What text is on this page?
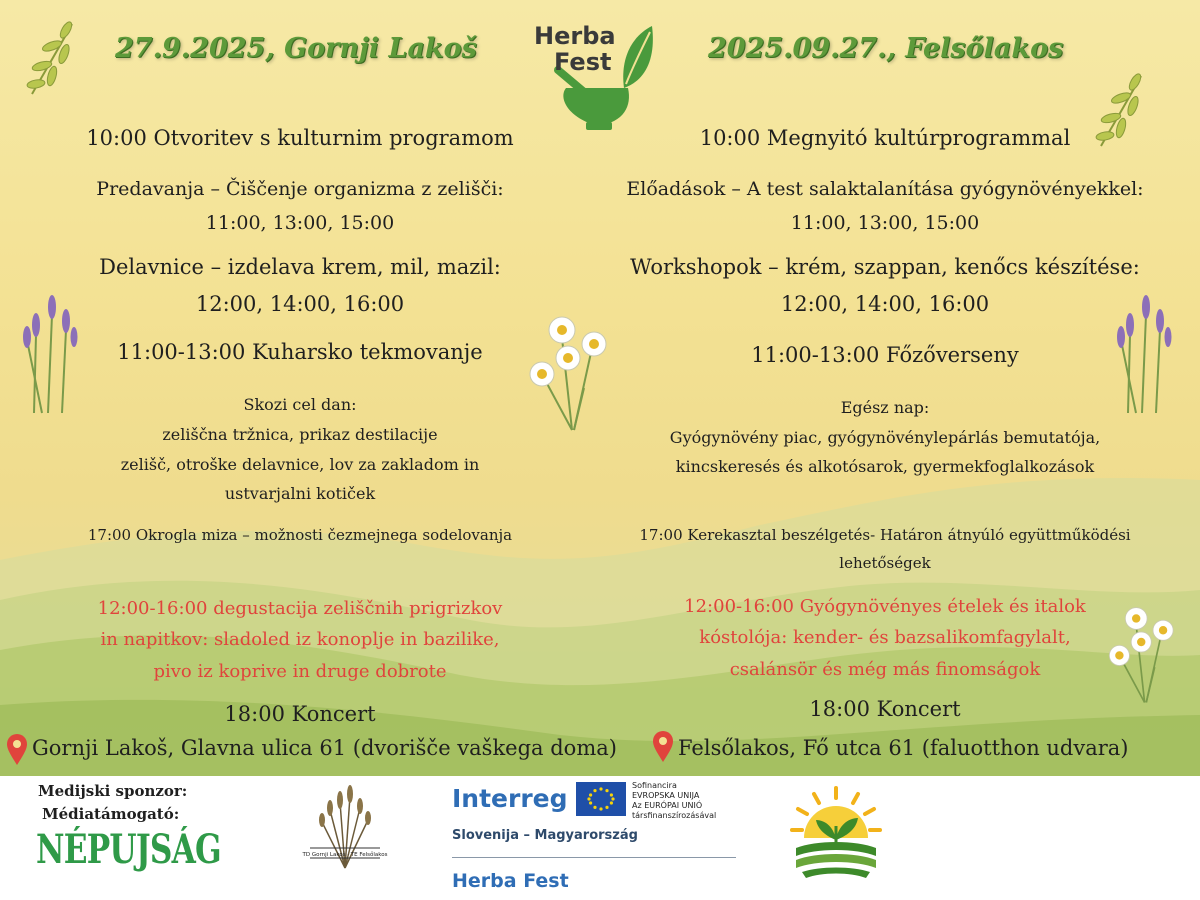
27.9.2025, Gornji Lakoš	2025.09.27., Felsőlakos
Herba
Fest
10:00 Otvoritev s kulturnim programom
Predavanja – Čiščenje organizma z zelišči:
11:00, 13:00, 15:00
Delavnice – izdelava krem, mil, mazil:
12:00, 14:00, 16:00
11:00-13:00 Kuharsko tekmovanje
Skozi cel dan:
zeliščna tržnica, prikaz destilacije
zelišč, otroške delavnice, lov za zakladom in
ustvarjalni kotiček
17:00 Okrogla miza – možnosti čezmejnega sodelovanja
12:00-16:00 degustacija zeliščnih prigrizkov
in napitkov: sladoled iz konoplje in bazilike,
pivo iz koprive in druge dobrote
18:00 Koncert
10:00 Megnyitó kultúrprogrammal
Előadások – A test salaktalanítása gyógynövényekkel:
11:00, 13:00, 15:00
Workshopok – krém, szappan, kenőcs készítése:
12:00, 14:00, 16:00
11:00-13:00 Főzőverseny
Egész nap:
Gyógynövény piac, gyógynövénylepárlás bemutatója,
kincskeresés és alkotósarok, gyermekfoglalkozások
17:00 Kerekasztal beszélgetés- Határon átnyúló együttműködési
lehetőségek
12:00-16:00 Gyógynövényes ételek és italok
kóstolója: kender- és bazsalikomfagylalt,
csalánsör és még más finomságok
18:00 Koncert
Gornji Lakoš, Glavna ulica 61 (dvorišče vaškega doma)	Felsőlakos, Fő utca 61 (faluotthon udvara)
Medijski sponzor:
Médiatámogató:
NÉPUJSÁG	TD Gornji Lakoš · TE Felsőlakos
Interreg	Sofinancira
EVROPSKA UNIJA
Az EURÓPAI UNIÓ
társfinanszírozásával
Slovenija – Magyarország
Herba Fest
